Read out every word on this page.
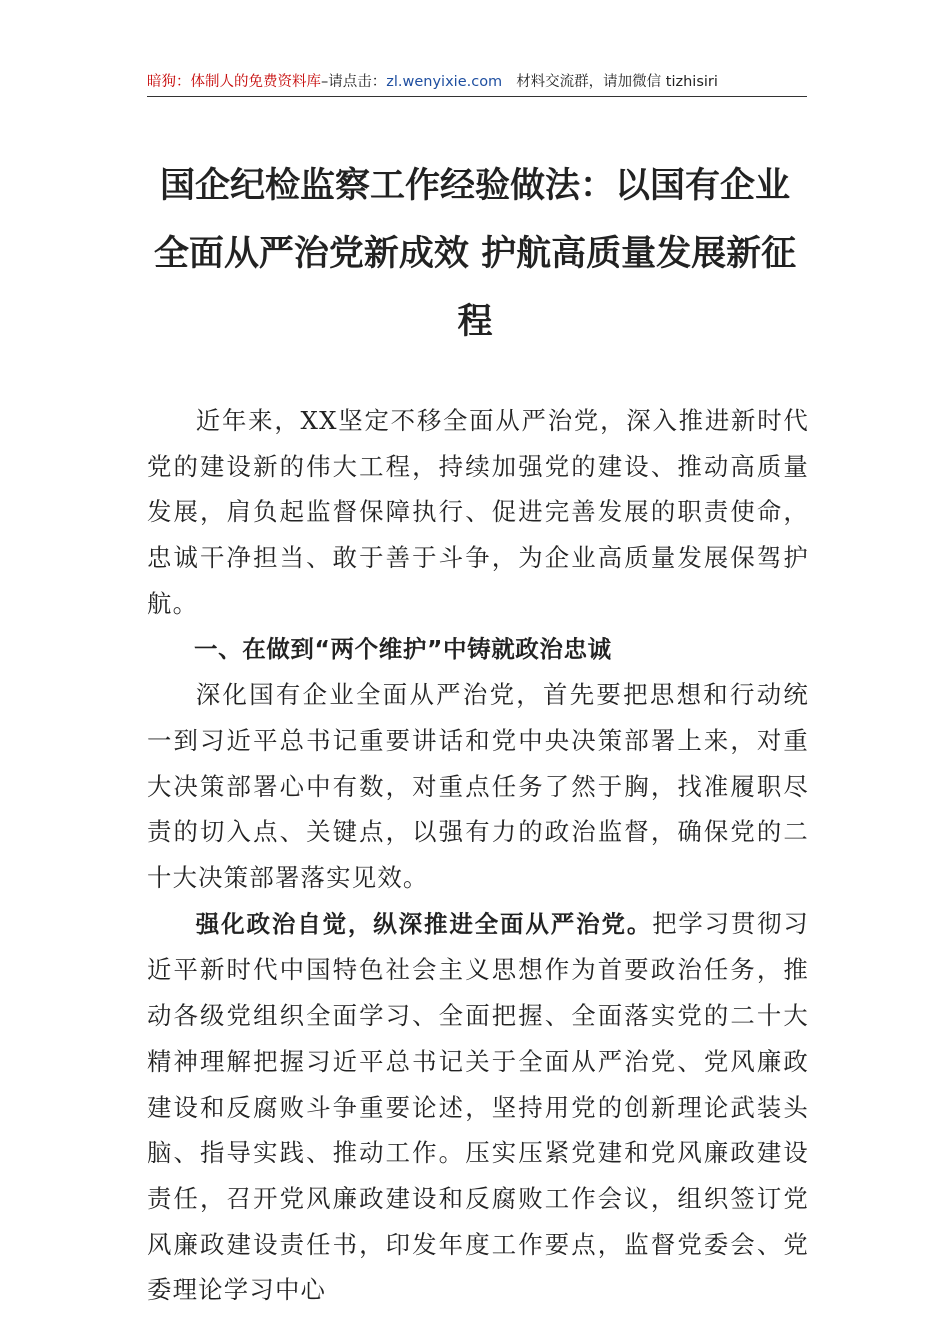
暗狗：体制人的免费资料库–请点击：zl.wenyixie.com 材料交流群，请加微信 tizhisiri
国企纪检监察工作经验做法：以国有企业
全面从严治党新成效 护航高质量发展新征
程

近年来，XX坚定不移全面从严治党，深入推进新时代党的建设新的伟大工程，持续加强党的建设、推动高质量发展，肩负起监督保障执行、促进完善发展的职责使命，忠诚干净担当、敢于善于斗争，为企业高质量发展保驾护航。

一、在做到“两个维护”中铸就政治忠诚

深化国有企业全面从严治党，首先要把思想和行动统一到习近平总书记重要讲话和党中央决策部署上来，对重大决策部署心中有数，对重点任务了然于胸，找准履职尽责的切入点、关键点，以强有力的政治监督，确保党的二十大决策部署落实见效。

强化政治自觉，纵深推进全面从严治党。把学习贯彻习近平新时代中国特色社会主义思想作为首要政治任务，推动各级党组织全面学习、全面把握、全面落实党的二十大精神理解把握习近平总书记关于全面从严治党、党风廉政建设和反腐败斗争重要论述，坚持用党的创新理论武装头脑、指导实践、推动工作。压实压紧党建和党风廉政建设责任，召开党风廉政建设和反腐败工作会议，组织签订党风廉政建设责任书，印发年度工作要点，监督党委会、党委理论学习中心
